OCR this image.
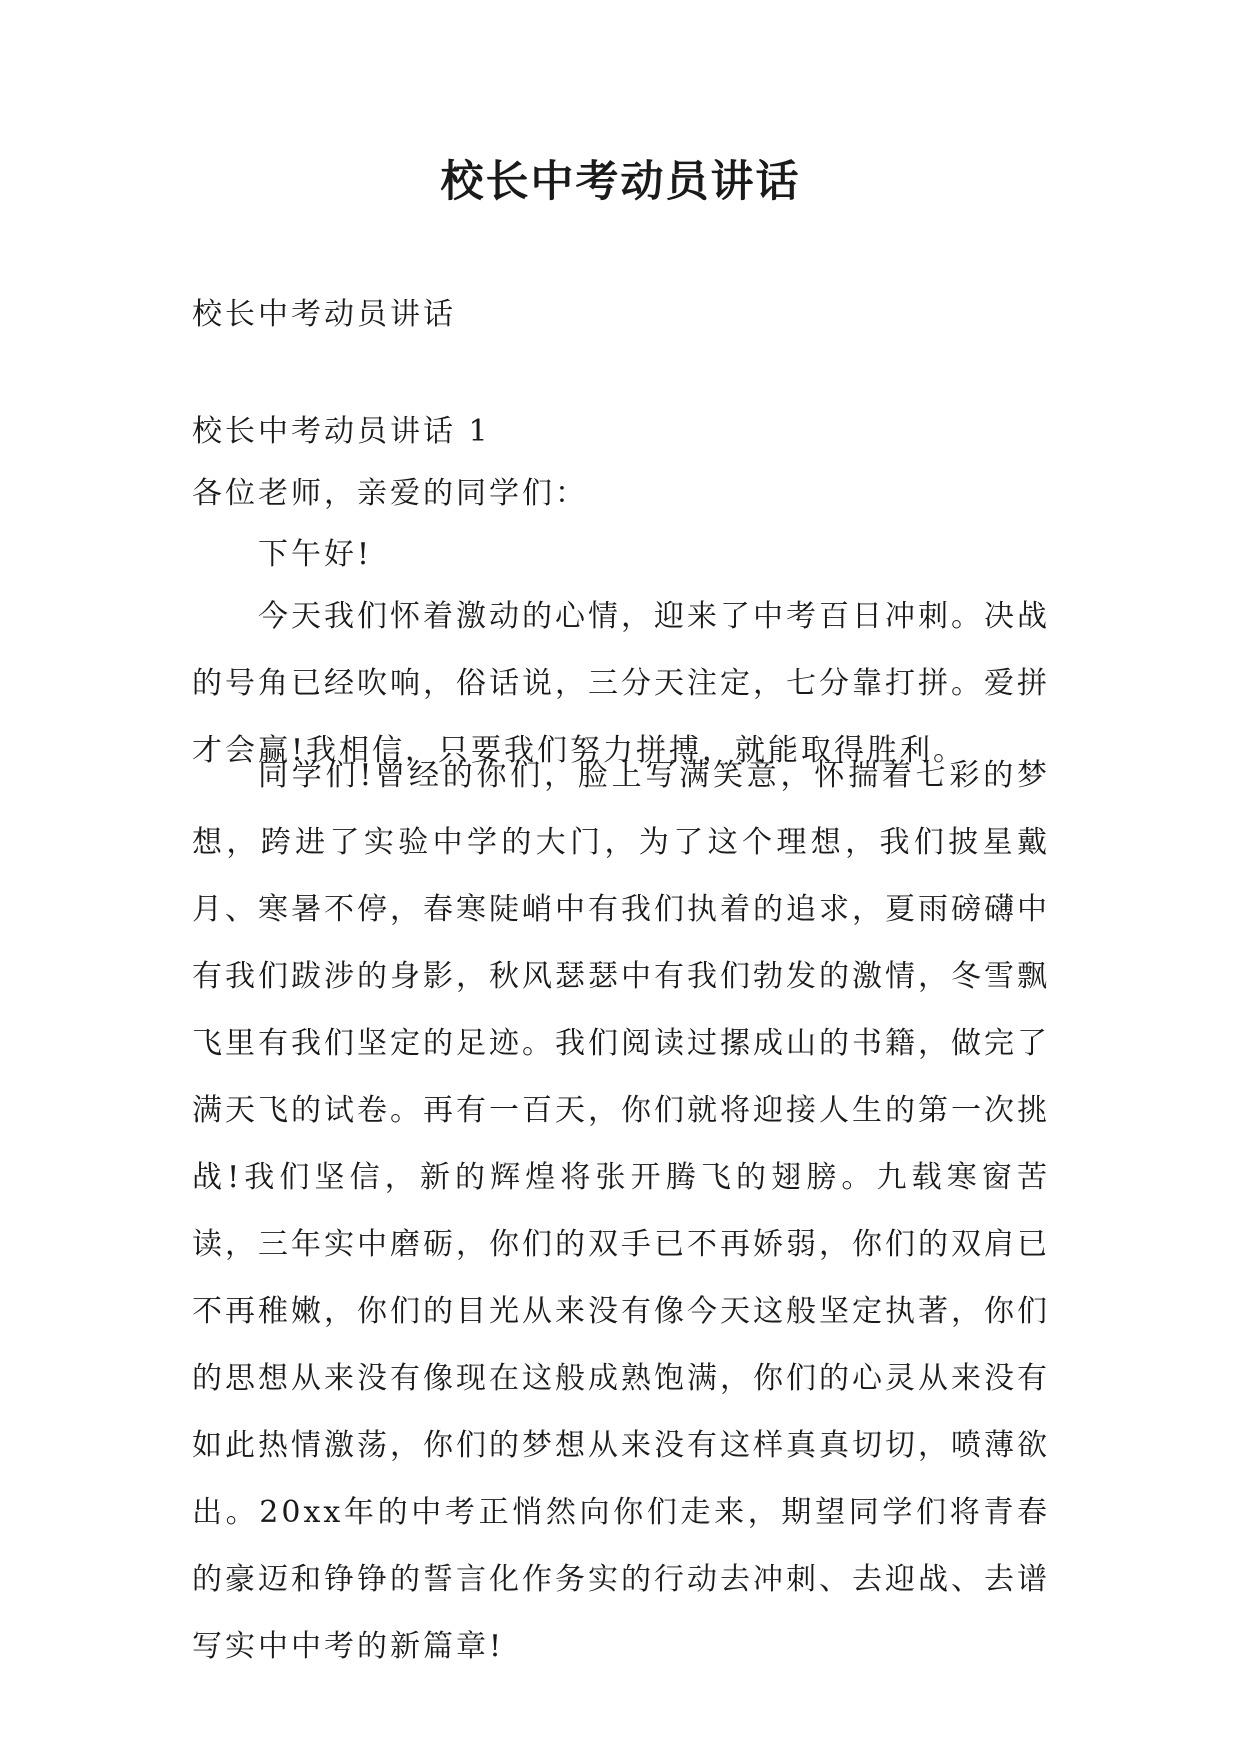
校长中考动员讲话

校长中考动员讲话

校长中考动员讲话 1

各位老师，亲爱的同学们：

下午好!

今天我们怀着激动的心情，迎来了中考百日冲刺。决战的号角已经吹响，俗话说，三分天注定，七分靠打拼。爱拼才会赢!我相信，只要我们努力拼搏，就能取得胜利。

同学们!曾经的你们，脸上写满笑意，怀揣着七彩的梦想，跨进了实验中学的大门，为了这个理想，我们披星戴月、寒暑不停，春寒陡峭中有我们执着的追求，夏雨磅礴中有我们跋涉的身影，秋风瑟瑟中有我们勃发的激情，冬雪飘飞里有我们坚定的足迹。我们阅读过摞成山的书籍，做完了满天飞的试卷。再有一百天，你们就将迎接人生的第一次挑战!我们坚信，新的辉煌将张开腾飞的翅膀。九载寒窗苦读，三年实中磨砺，你们的双手已不再娇弱，你们的双肩已不再稚嫩，你们的目光从来没有像今天这般坚定执著，你们的思想从来没有像现在这般成熟饱满，你们的心灵从来没有如此热情激荡，你们的梦想从来没有这样真真切切，喷薄欲出。20xx年的中考正悄然向你们走来，期望同学们将青春的豪迈和铮铮的誓言化作务实的行动去冲刺、去迎战、去谱写实中中考的新篇章!
